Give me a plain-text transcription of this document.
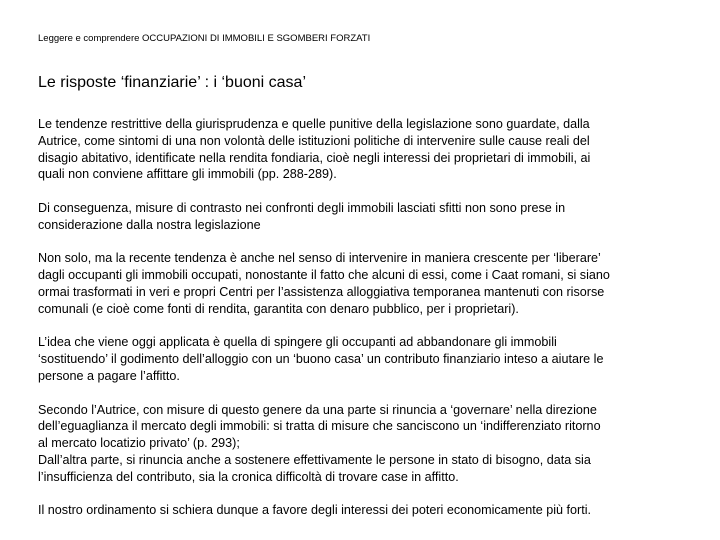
Leggere e comprendere OCCUPAZIONI DI IMMOBILI E SGOMBERI FORZATI
Le risposte ‘finanziarie’ : i ‘buoni casa’

Le tendenze restrittive della giurisprudenza e quelle punitive della legislazione sono guardate, dalla
Autrice, come sintomi di una non volontà delle istituzioni politiche di intervenire sulle cause reali del
disagio abitativo, identificate nella rendita fondiaria, cioè negli interessi dei proprietari di immobili, ai
quali non conviene affittare gli immobili (pp. 288-289).

Di conseguenza, misure di contrasto nei confronti degli immobili lasciati sfitti non sono prese in
considerazione dalla nostra legislazione

Non solo, ma la recente tendenza è anche nel senso di intervenire in maniera crescente per ‘liberare’
dagli occupanti gli immobili occupati, nonostante il fatto che alcuni di essi, come i Caat romani, si siano
ormai trasformati in veri e propri Centri per l’assistenza alloggiativa temporanea mantenuti con risorse
comunali (e cioè come fonti di rendita, garantita con denaro pubblico, per i proprietari).

L’idea che viene oggi applicata è quella di spingere gli occupanti ad abbandonare gli immobili
‘sostituendo’ il godimento dell’alloggio con un ‘buono casa’ un contributo finanziario inteso a aiutare le
persone a pagare l’affitto.

Secondo l’Autrice, con misure di questo genere da una parte si rinuncia a ‘governare’ nella direzione
dell’eguaglianza il mercato degli immobili: si tratta di misure che sanciscono un ‘indifferenziato ritorno
al mercato locatizio privato’ (p. 293);
Dall’altra parte, si rinuncia anche a sostenere effettivamente le persone in stato di bisogno, data sia
l’insufficienza del contributo, sia la cronica difficoltà di trovare case in affitto.

Il nostro ordinamento si schiera dunque a favore degli interessi dei poteri economicamente più forti.
